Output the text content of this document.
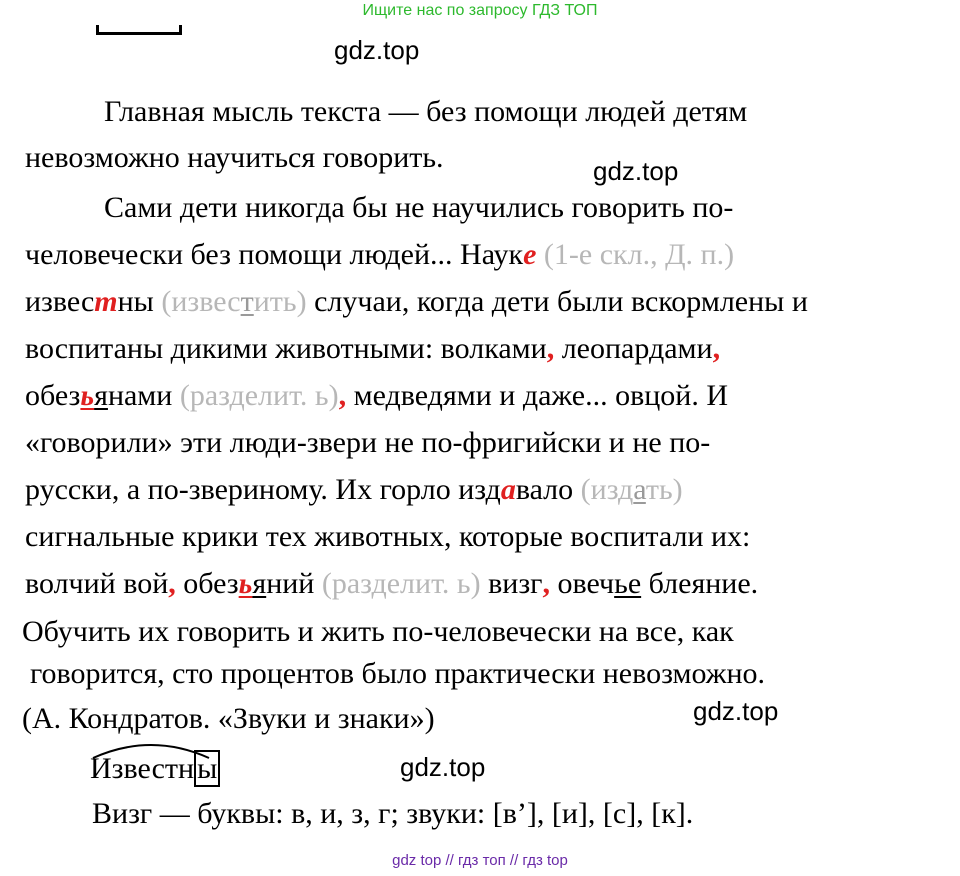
Ищите нас по запросу ГДЗ ТОП
gdz.top
gdz.top
gdz.top
gdz.top
Главная мысль текста — без помощи людей детям
невозможно научиться говорить.
Сами дети никогда бы не научились говорить по-
человечески без помощи людей... Науке (1-е скл., Д. п.)
известны (известить) случаи, когда дети были вскормлены и
воспитаны дикими животными: волками, леопардами,
обезьянами (разделит. ь), медведями и даже... овцой. И
«говорили» эти люди-звери не по-фригийски и не по-
русски, а по-звериному. Их горло издавало (издать)
сигнальные крики тех животных, которые воспитали их:
волчий вой, обезьяний (разделит. ь) визг, овечье блеяние.
Обучить их говорить и жить по-человечески на все, как
говорится, сто процентов было практически невозможно.
(А. Кондратов. «Звуки и знаки»)
Известн ы
Визг — буквы: в, и, з, г; звуки: [в’], [и], [с], [к].
gdz top // гдз топ // гдз top
